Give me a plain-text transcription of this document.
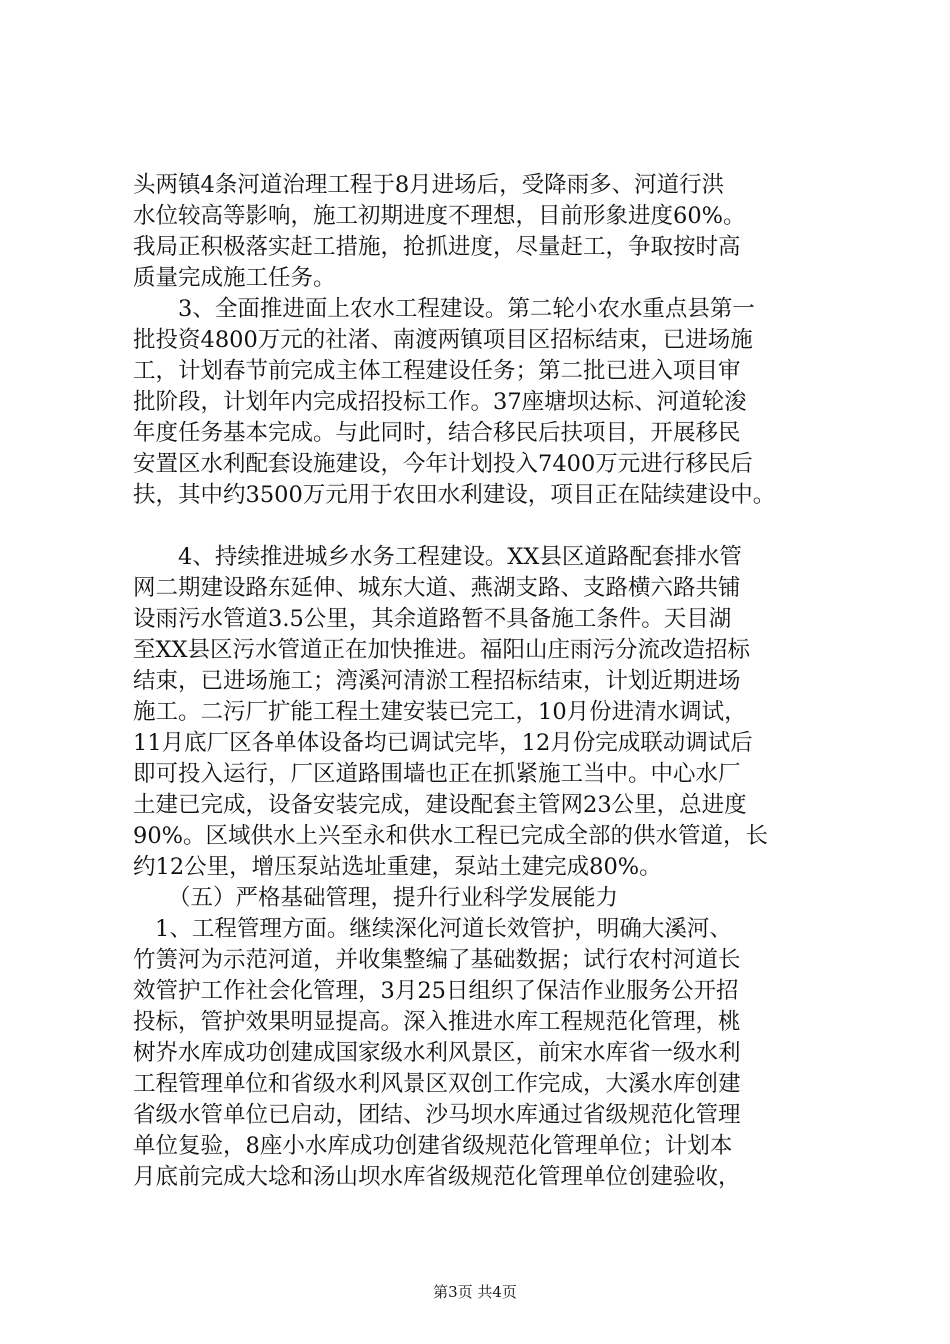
头两镇4条河道治理工程于8月进场后，受降雨多、河道行洪
水位较高等影响，施工初期进度不理想，目前形象进度60%。
我局正积极落实赶工措施，抢抓进度，尽量赶工，争取按时高
质量完成施工任务。
3、全面推进面上农水工程建设。第二轮小农水重点县第一
批投资4800万元的社渚、南渡两镇项目区招标结束，已进场施
工，计划春节前完成主体工程建设任务；第二批已进入项目审
批阶段，计划年内完成招投标工作。37座塘坝达标、河道轮浚
年度任务基本完成。与此同时，结合移民后扶项目，开展移民
安置区水利配套设施建设，今年计划投入7400万元进行移民后
扶，其中约3500万元用于农田水利建设，项目正在陆续建设中。
4、持续推进城乡水务工程建设。XX县区道路配套排水管
网二期建设路东延伸、城东大道、燕湖支路、支路横六路共铺
设雨污水管道3.5公里，其余道路暂不具备施工条件。天目湖
至XX县区污水管道正在加快推进。福阳山庄雨污分流改造招标
结束，已进场施工；湾溪河清淤工程招标结束，计划近期进场
施工。二污厂扩能工程土建安装已完工，10月份进清水调试，
11月底厂区各单体设备均已调试完毕，12月份完成联动调试后
即可投入运行，厂区道路围墙也正在抓紧施工当中。中心水厂
土建已完成，设备安装完成，建设配套主管网23公里，总进度
90%。区域供水上兴至永和供水工程已完成全部的供水管道，长
约12公里，增压泵站选址重建，泵站土建完成80%。
（五）严格基础管理，提升行业科学发展能力
1、工程管理方面。继续深化河道长效管护，明确大溪河、
竹箦河为示范河道，并收集整编了基础数据；试行农村河道长
效管护工作社会化管理，3月25日组织了保洁作业服务公开招
投标，管护效果明显提高。深入推进水库工程规范化管理，桃
树岕水库成功创建成国家级水利风景区，前宋水库省一级水利
工程管理单位和省级水利风景区双创工作完成，大溪水库创建
省级水管单位已启动，团结、沙马坝水库通过省级规范化管理
单位复验，8座小水库成功创建省级规范化管理单位；计划本
月底前完成大埝和汤山坝水库省级规范化管理单位创建验收，
第3页 共4页
